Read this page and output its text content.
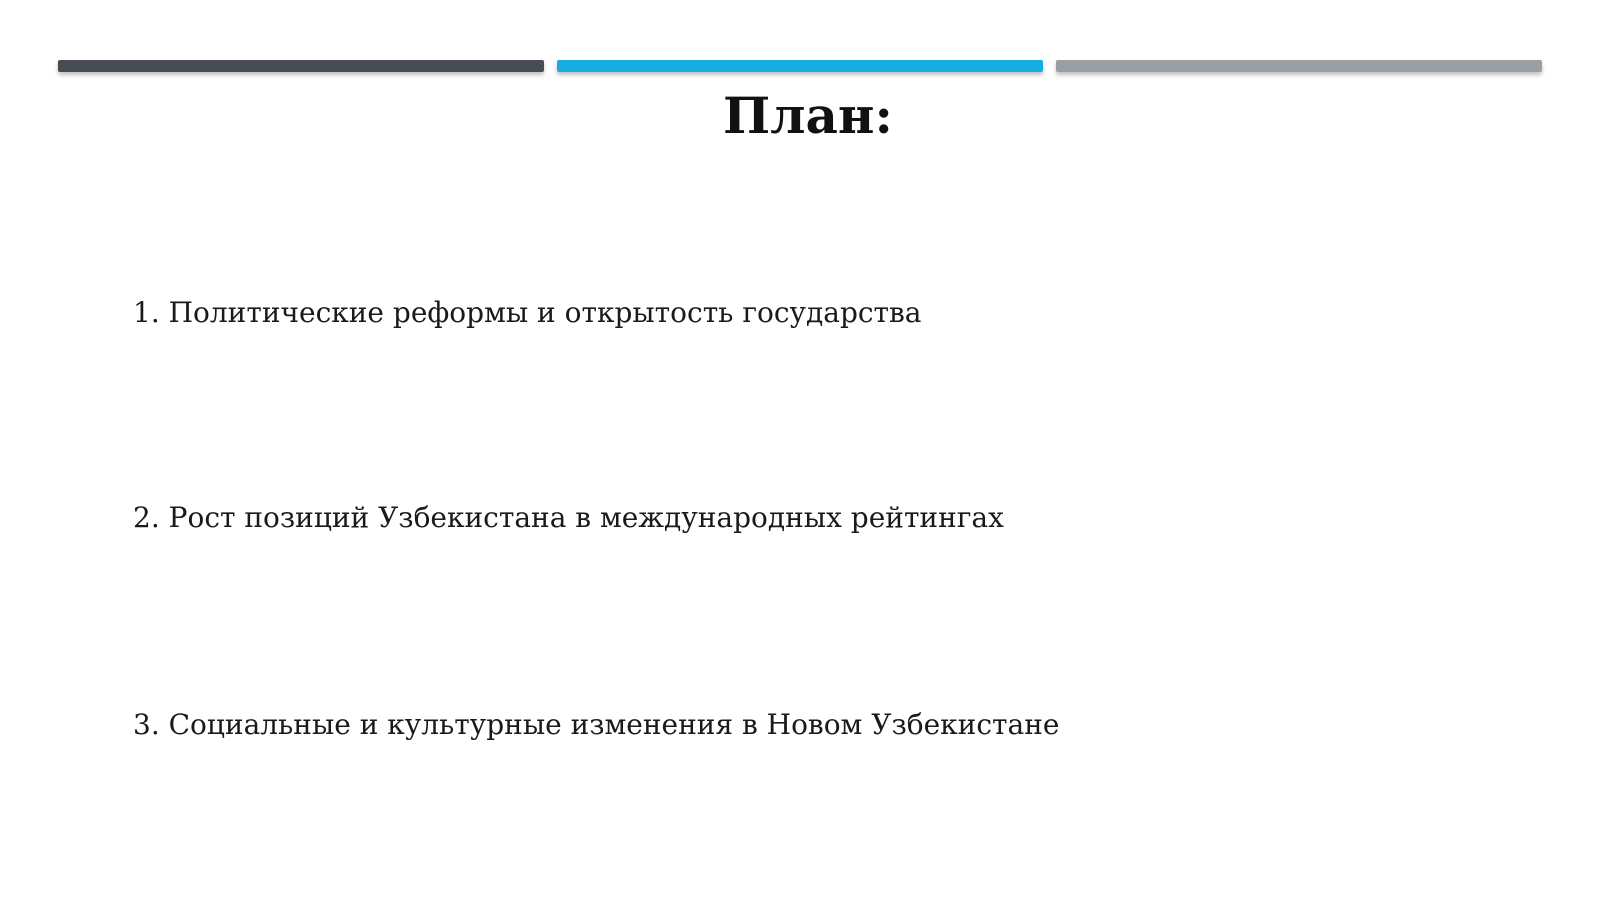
План:
1. Политические реформы и открытость государства
2. Рост позиций Узбекистана в международных рейтингах
3. Социальные и культурные изменения в Новом Узбекистане
